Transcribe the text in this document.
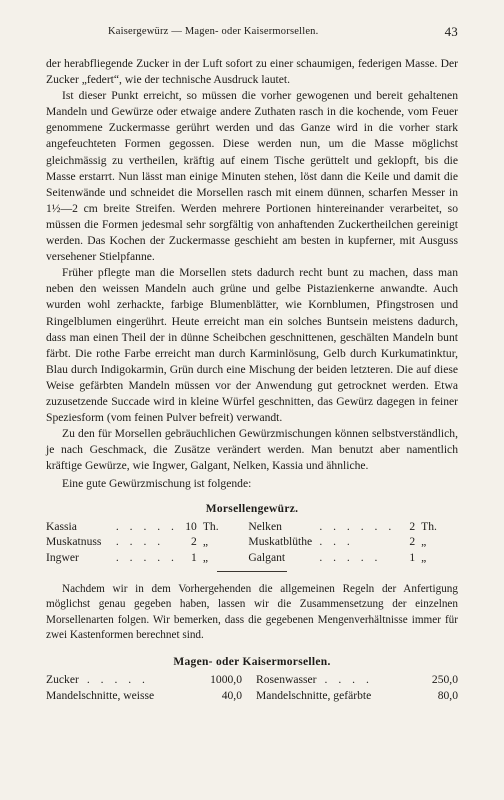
Kaisergewürz — Magen- oder Kaisermorsellen.	43

der herabfliegende Zucker in der Luft sofort zu einer schaumigen, federigen Masse. Der Zucker „federt“, wie der technische Ausdruck lautet.

Ist dieser Punkt erreicht, so müssen die vorher gewogenen und bereit gehaltenen Mandeln und Gewürze oder etwaige andere Zuthaten rasch in die kochende, vom Feuer genommene Zuckermasse gerührt werden und das Ganze wird in die vorher stark angefeuchteten Formen gegossen. Diese werden nun, um die Masse möglichst gleichmässig zu vertheilen, kräftig auf einem Tische gerüttelt und geklopft, bis die Masse erstarrt. Nun lässt man einige Minuten stehen, löst dann die Keile und damit die Seitenwände und schneidet die Morsellen rasch mit einem dünnen, scharfen Messer in 1½—2 cm breite Streifen. Werden mehrere Portionen hintereinander verarbeitet, so müssen die Formen jedesmal sehr sorgfältig von anhaftenden Zuckertheilchen gereinigt werden. Das Kochen der Zuckermasse geschieht am besten in kupferner, mit Ausguss versehener Stielpfanne.

Früher pflegte man die Morsellen stets dadurch recht bunt zu machen, dass man neben den weissen Mandeln auch grüne und gelbe Pistazienkerne anwandte. Auch wurden wohl zerhackte, farbige Blumenblätter, wie Kornblumen, Pfingstrosen und Ringelblumen eingerührt. Heute erreicht man ein solches Buntsein meistens dadurch, dass man einen Theil der in dünne Scheibchen geschnittenen, geschälten Mandeln bunt färbt. Die rothe Farbe erreicht man durch Karminlösung, Gelb durch Kurkumatinktur, Blau durch Indigokarmin, Grün durch eine Mischung der beiden letzteren. Die auf diese Weise gefärbten Mandeln müssen vor der Anwendung gut getrocknet werden. Etwa zuzusetzende Succade wird in kleine Würfel geschnitten, das Gewürz dagegen in feiner Speziesform (vom feinen Pulver befreit) verwandt.

Zu den für Morsellen gebräuchlichen Gewürzmischungen können selbstverständlich, je nach Geschmack, die Zusätze verändert werden. Man benutzt aber namentlich kräftige Gewürze, wie Ingwer, Galgant, Nelken, Kassia und ähnliche.

Eine gute Gewürzmischung ist folgende:

Morsellengewürz.
Kassia	. . . . .	10	Th.	Nelken	. . . . . .	2	Th.
Muskatnuss	. . . .	2	„	Muskatblüthe	. . .	2	„
Ingwer	. . . . .	1	„	Galgant	. . . . .	1	„

Nachdem wir in dem Vorhergehenden die allgemeinen Regeln der Anfertigung möglichst genau gegeben haben, lassen wir die Zusammensetzung der einzelnen Morsellenarten folgen. Wir bemerken, dass die gegebenen Mengenverhältnisse immer für zwei Kastenformen berechnet sind.

Magen- oder Kaisermorsellen.
Zucker . . . . .	1000,0		Rosenwasser . . . .	250,0
Mandelschnitte, weisse	40,0		Mandelschnitte, gefärbte	80,0
